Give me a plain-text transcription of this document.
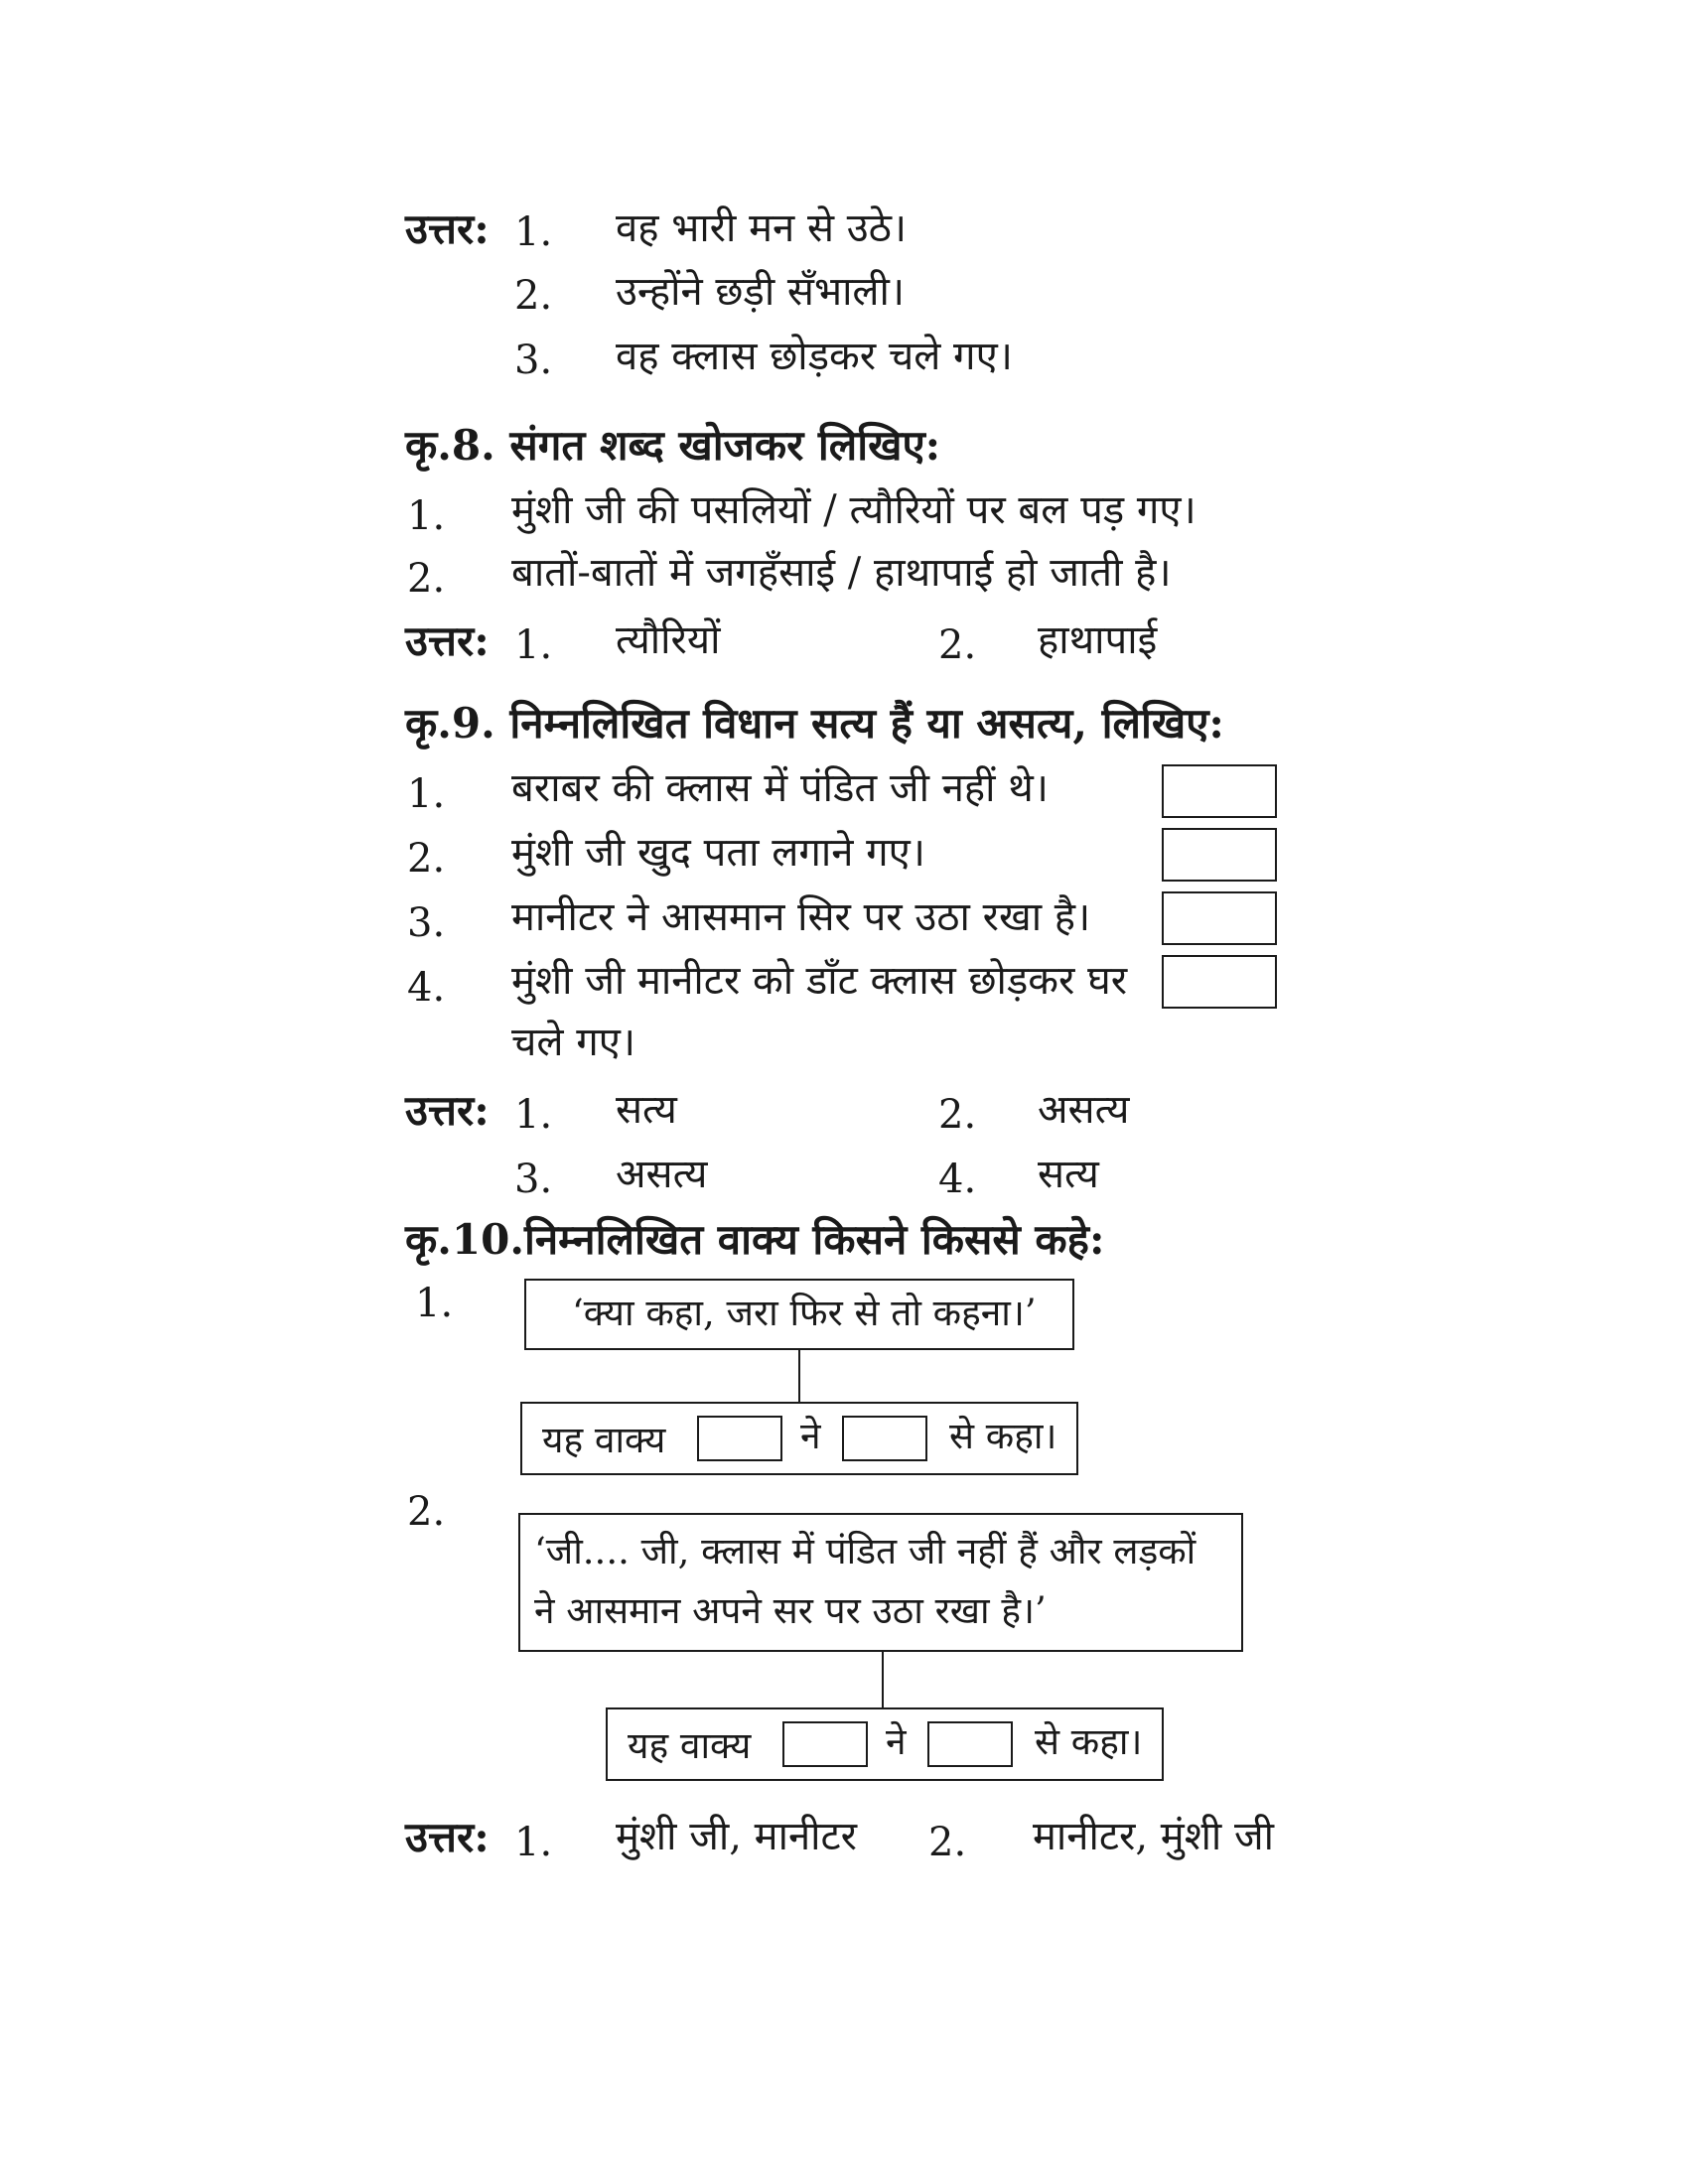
उत्तर: 1. वह भारी मन से उठे।
2. उन्होंने छड़ी सँभाली।
3. वह क्लास छोड़कर चले गए।
कृ.8. संगत शब्द खोजकर लिखिए:
1. मुंशी जी की पसलियों / त्यौरियों पर बल पड़ गए।
2. बातों-बातों में जगहँसाई / हाथापाई हो जाती है।
उत्तर: 1. त्यौरियों	2. हाथापाई
कृ.9. निम्नलिखित विधान सत्य हैं या असत्य, लिखिए:
1. बराबर की क्लास में पंडित जी नहीं थे।
2. मुंशी जी खुद पता लगाने गए।
3. मानीटर ने आसमान सिर पर उठा रखा है।
4. मुंशी जी मानीटर को डाँट क्लास छोड़कर घर
चले गए।
उत्तर: 1. सत्य	2. असत्य
3. असत्य	4. सत्य
कृ.10.निम्नलिखित वाक्य किसने किससे कहे:
1.	‘क्या कहा, जरा फिर से तो कहना।’
यह वाक्य	ने	से कहा।
2.
‘जी.... जी, क्लास में पंडित जी नहीं हैं और लड़कों
ने आसमान अपने सर पर उठा रखा है।’
यह वाक्य	ने	से कहा।
उत्तर: 1. मुंशी जी, मानीटर 2. मानीटर, मुंशी जी
